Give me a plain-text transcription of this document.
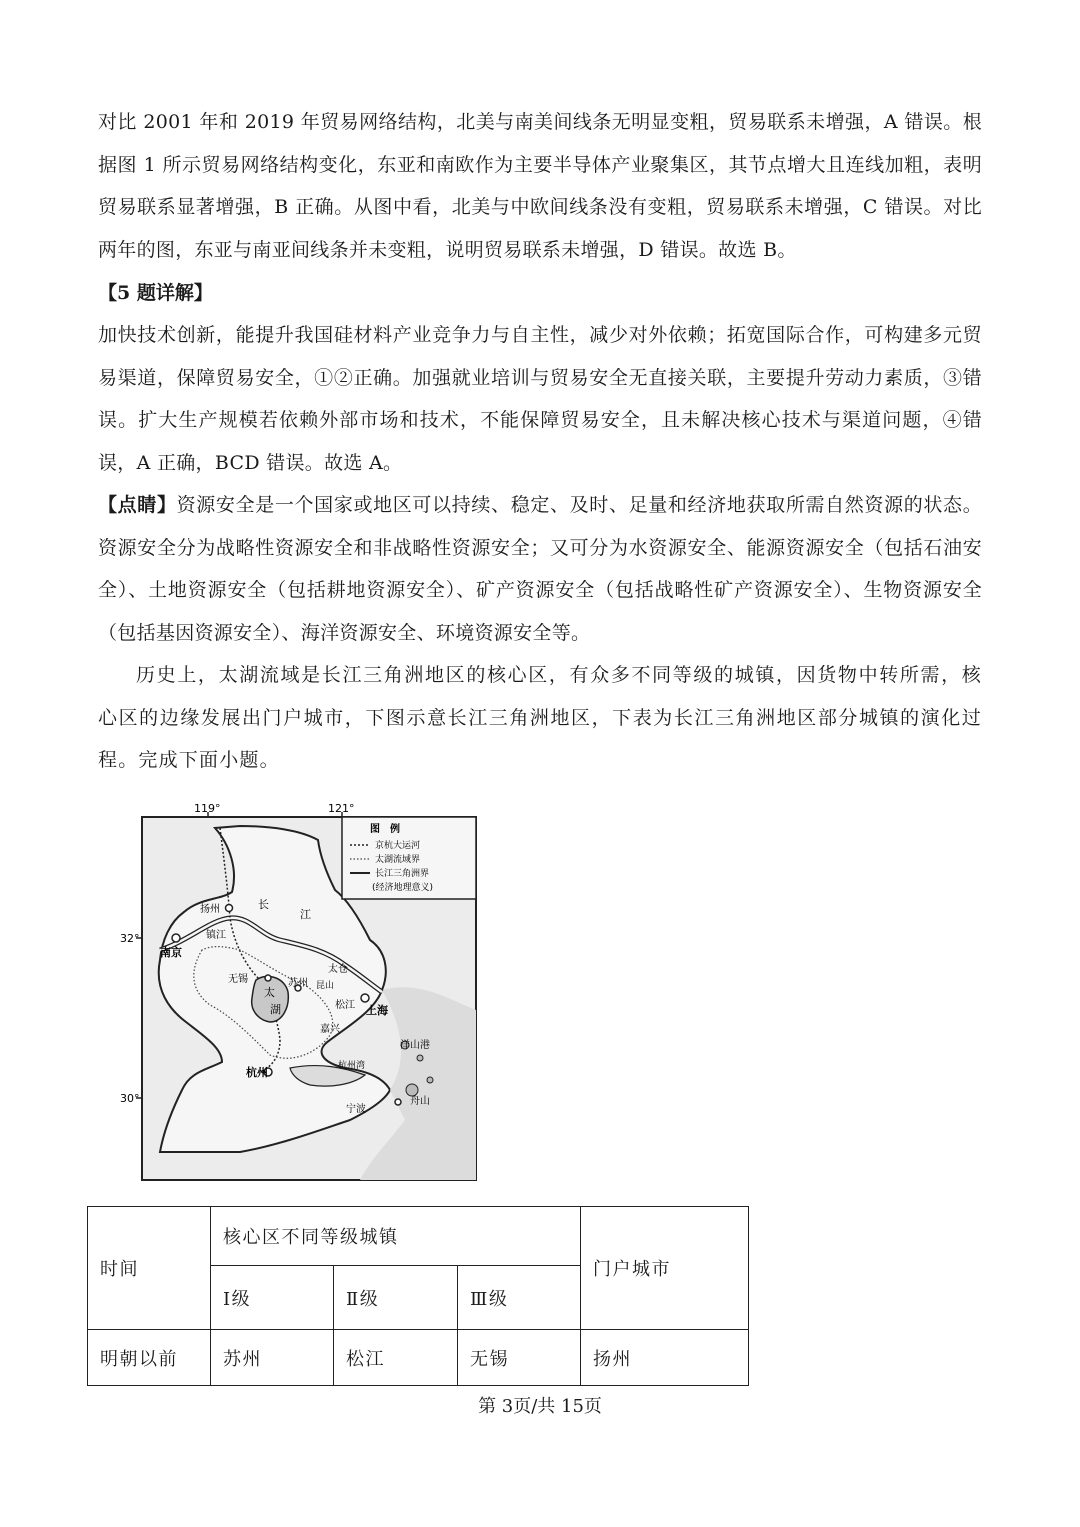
对比 2001 年和 2019 年贸易网络结构，北美与南美间线条无明显变粗，贸易联系未增强，A 错误。根据图 1 所示贸易网络结构变化，东亚和南欧作为主要半导体产业聚集区，其节点增大且连线加粗，表明贸易联系显著增强，B 正确。从图中看，北美与中欧间线条没有变粗，贸易联系未增强，C 错误。对比两年的图，东亚与南亚间线条并未变粗，说明贸易联系未增强，D 错误。故选 B。

【5 题详解】

加快技术创新，能提升我国硅材料产业竞争力与自主性，减少对外依赖；拓宽国际合作，可构建多元贸易渠道，保障贸易安全，①②正确。加强就业培训与贸易安全无直接关联，主要提升劳动力素质，③错误。扩大生产规模若依赖外部市场和技术，不能保障贸易安全，且未解决核心技术与渠道问题，④错误，A 正确，BCD 错误。故选 A。

【点睛】资源安全是一个国家或地区可以持续、稳定、及时、足量和经济地获取所需自然资源的状态。资源安全分为战略性资源安全和非战略性资源安全；又可分为水资源安全、能源资源安全（包括石油安全）、土地资源安全（包括耕地资源安全）、矿产资源安全（包括战略性矿产资源安全）、生物资源安全（包括基因资源安全）、海洋资源安全、环境资源安全等。

历史上，太湖流域是长江三角洲地区的核心区，有众多不同等级的城镇，因货物中转所需，核心区的边缘发展出门户城市，下图示意长江三角洲地区，下表为长江三角洲地区部分城镇的演化过程。完成下面小题。

119°	121°
32°
30°
图　例
京杭大运河
太湖流域界
长江三角洲界
(经济地理意义)
扬州	长
江
镇江
南京
无锡	苏州
太仓
昆山
松江 上海
嘉兴
太
湖
杭州	杭州湾
洋山港
宁波
舟山
时间	核心区不同等级城镇			门户城市
	Ⅰ级	Ⅱ级	Ⅲ级	
明朝以前	苏州	松江	无锡	扬州
第 3页/共 15页
